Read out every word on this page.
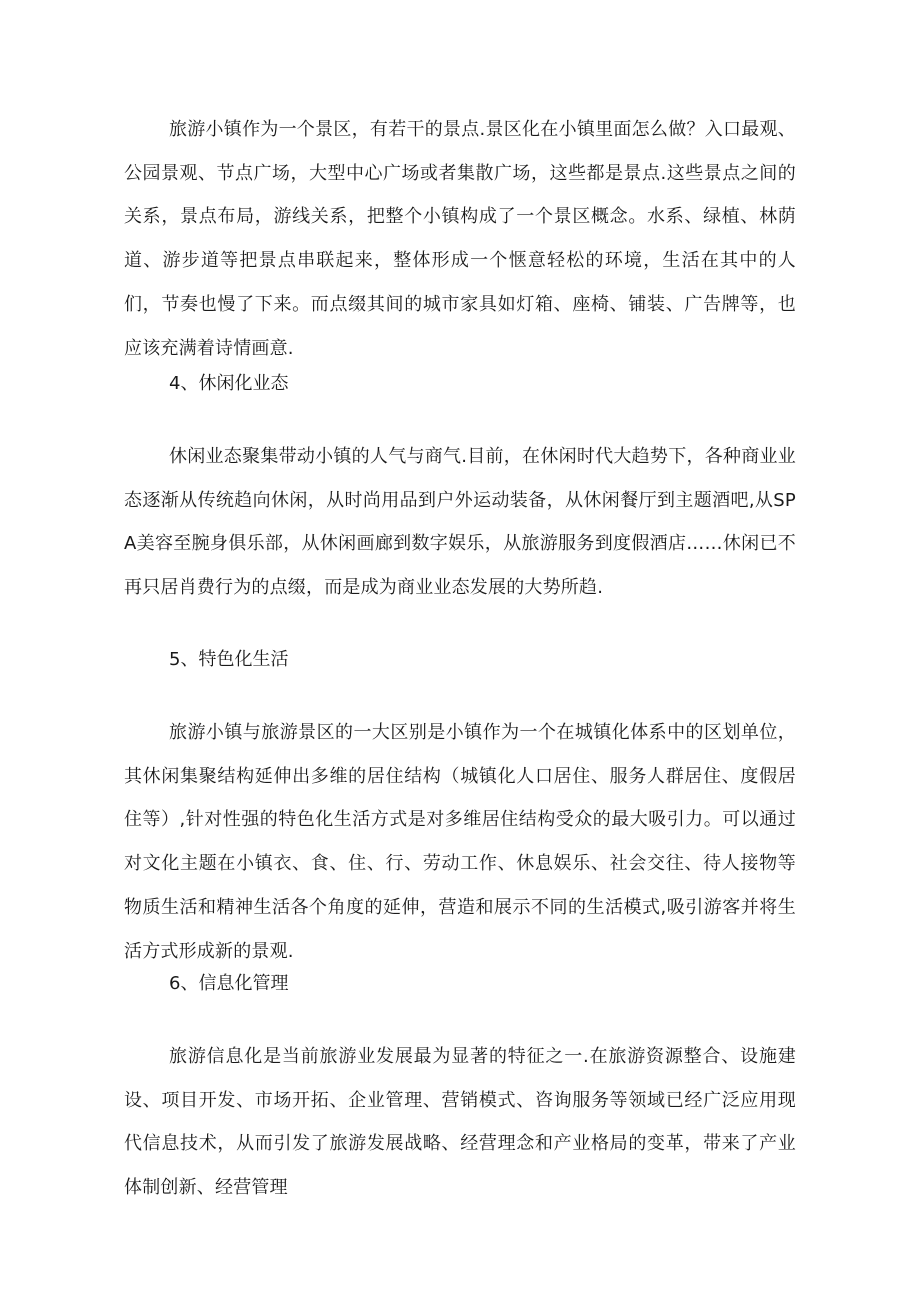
旅游小镇作为一个景区，有若干的景点.景区化在小镇里面怎么做？入口最观、公园景观、节点广场，大型中心广场或者集散广场，这些都是景点.这些景点之间的关系，景点布局，游线关系，把整个小镇构成了一个景区概念。水系、绿植、林荫道、游步道等把景点串联起来，整体形成一个惬意轻松的环境，生活在其中的人们，节奏也慢了下来。而点缀其间的城市家具如灯箱、座椅、铺装、广告牌等，也应该充满着诗情画意.

4、休闲化业态

休闲业态聚集带动小镇的人气与商气.目前，在休闲时代大趋势下，各种商业业态逐渐从传统趋向休闲，从时尚用品到户外运动装备，从休闲餐厅到主题酒吧,从SPA美容至腕身俱乐部，从休闲画廊到数字娱乐，从旅游服务到度假酒店……休闲已不再只居肖费行为的点缀，而是成为商业业态发展的大势所趋.

5、特色化生活

旅游小镇与旅游景区的一大区别是小镇作为一个在城镇化体系中的区划单位，其休闲集聚结构延伸出多维的居住结构（城镇化人口居住、服务人群居住、度假居住等）,针对性强的特色化生活方式是对多维居住结构受众的最大吸引力。可以通过对文化主题在小镇衣、食、住、行、劳动工作、休息娱乐、社会交往、待人接物等物质生活和精神生活各个角度的延伸，营造和展示不同的生活模式,吸引游客并将生活方式形成新的景观.

6、信息化管理

旅游信息化是当前旅游业发展最为显著的特征之一.在旅游资源整合、设施建设、项目开发、市场开拓、企业管理、营销模式、咨询服务等领域已经广泛应用现代信息技术，从而引发了旅游发展战略、经营理念和产业格局的变革，带来了产业体制创新、经营管理
